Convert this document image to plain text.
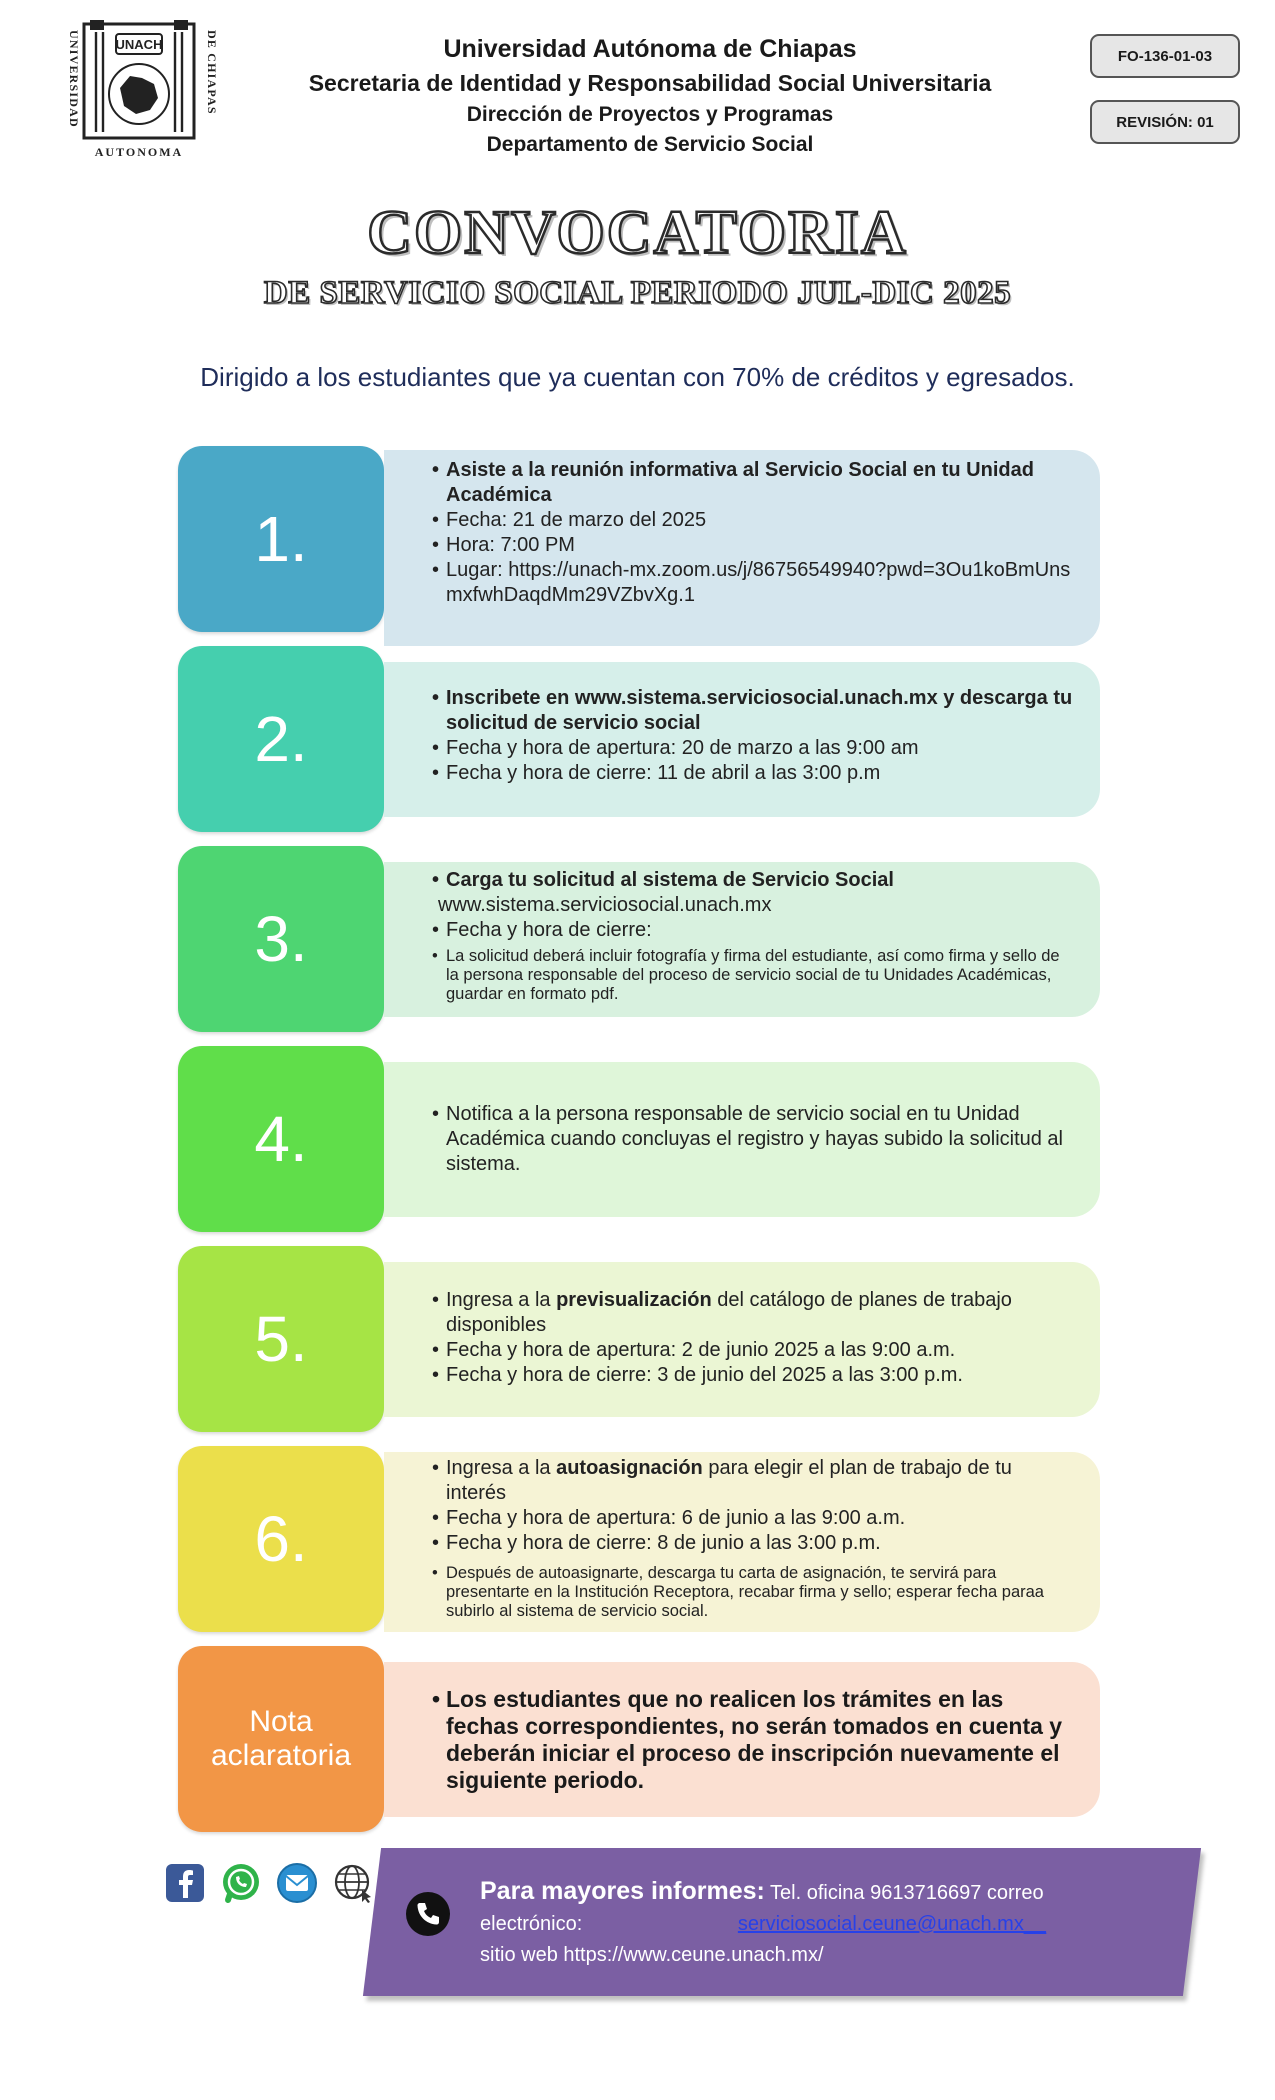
UNIVERSIDAD	DE CHIAPAS
AUTONOMA
UNACH	Universidad Autónoma de Chiapas
Secretaria de Identidad y Responsabilidad Social Universitaria
Dirección de Proyectos y Programas
Departamento de Servicio Social
FO-136-01-03
REVISIÓN: 01
CONVOCATORIA
DE SERVICIO SOCIAL PERIODO JUL-DIC 2025
Dirigido a los estudiantes que ya cuentan con 70% de créditos y egresados.
1.
• Asiste a la reunión informativa al Servicio Social en tu Unidad Académica
• Fecha: 21 de marzo del 2025
• Hora: 7:00 PM
• Lugar: https://unach-mx.zoom.us/j/86756549940?pwd=3Ou1koBmUnsmxfwhDaqdMm29VZbvXg.1
2.
• Inscribete en www.sistema.serviciosocial.unach.mx y descarga tu solicitud de servicio social
• Fecha y hora de apertura: 20 de marzo a las 9:00 am
• Fecha y hora de cierre: 11 de abril a las 3:00 p.m
3.
• Carga tu solicitud al sistema de Servicio Social
www.sistema.serviciosocial.unach.mx
• Fecha y hora de cierre:
• La solicitud deberá incluir fotografía y firma del estudiante, así como firma y sello de la persona responsable del proceso de servicio social de tu Unidades Académicas, guardar en formato pdf.
4.
•	Notifica a la persona responsable de servicio social en tu Unidad Académica cuando concluyas el registro y hayas subido la solicitud al sistema.
5.
• Ingresa a la previsualización del catálogo de planes de trabajo disponibles
• Fecha y hora de apertura: 2 de junio 2025 a las 9:00 a.m.
• Fecha y hora de cierre: 3 de junio del 2025 a las 3:00 p.m.
6.
• Ingresa a la autoasignación para elegir el plan de trabajo de tu interés
• Fecha y hora de apertura: 6 de junio a las 9:00 a.m.
• Fecha y hora de cierre: 8 de junio a las 3:00 p.m.
• Después de autoasignarte, descarga tu carta de asignación, te servirá para presentarte en la Institución Receptora, recabar firma y sello; esperar fecha paraa subirlo al sistema de servicio social.
Nota aclaratoria
• Los estudiantes que no realicen los trámites en las fechas correspondientes, no serán tomados en cuenta y deberán iniciar el proceso de inscripción nuevamente el siguiente periodo.
Para mayores informes: Tel. oficina 9613716697 correo electrónico:	serviciosocial.ceune@unach.mx__
sitio web https://www.ceune.unach.mx/
